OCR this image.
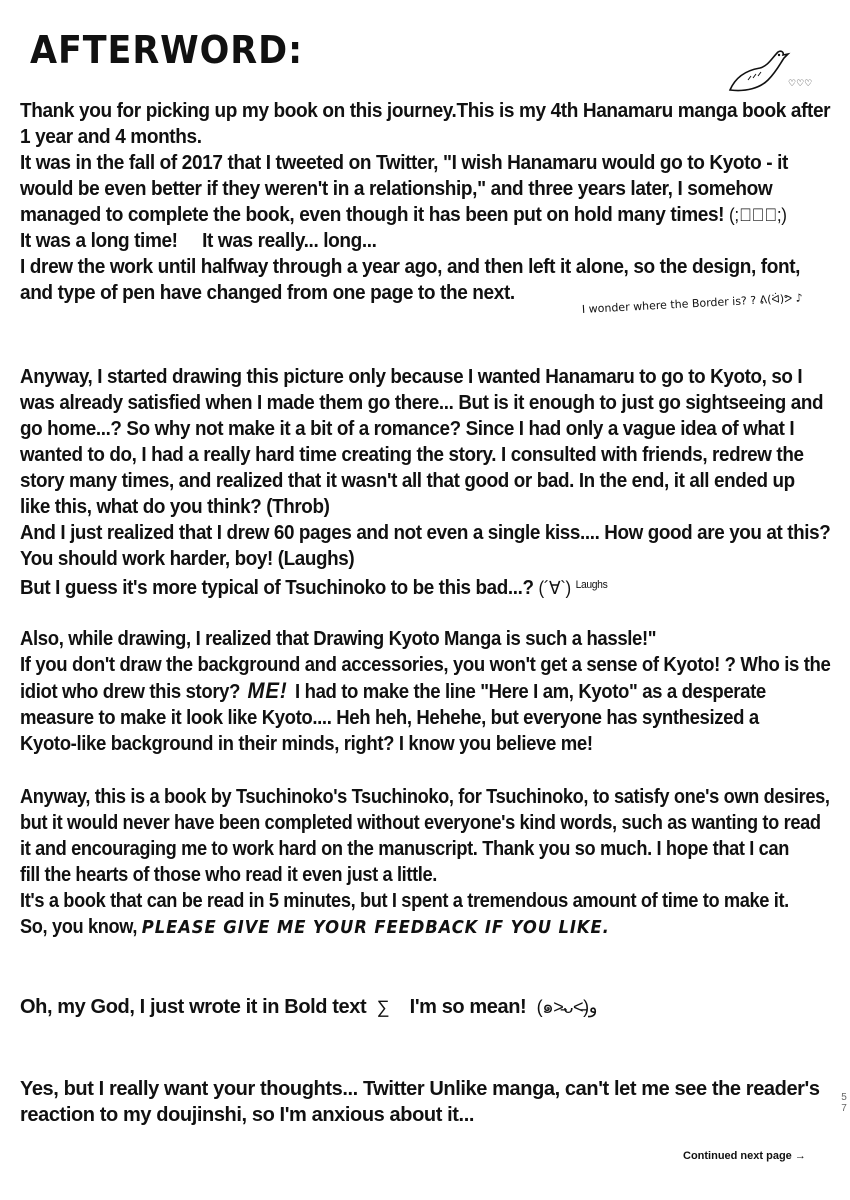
AFTERWORD:
♡♡♡
Thank you for picking up my book on this journey.This is my 4th Hanamaru manga book after
1 year and 4 months.
It was in the fall of 2017 that I tweeted on Twitter, "I wish Hanamaru would go to Kyoto - it
would be even better if they weren't in a relationship," and three years later, I somehow
managed to complete the book, even though it has been put on hold many times! (;゚∀゚;)
It was a long time!     It was really... long...
I drew the work until halfway through a year ago, and then left it alone, so the design, font,
and type of pen have changed from one page to the next.	I wonder where the Border is? ? ᕕ(ᐛ)ᕗ ♪
Anyway, I started drawing this picture only because I wanted Hanamaru to go to Kyoto, so I
was already satisfied when I made them go there... But is it enough to just go sightseeing and
go home...? So why not make it a bit of a romance? Since I had only a vague idea of what I
wanted to do, I had a really hard time creating the story. I consulted with friends, redrew the
story many times, and realized that it wasn't all that good or bad. In the end, it all ended up
like this, what do you think? (Throb)
And I just realized that I drew 60 pages and not even a single kiss.... How good are you at this?
You should work harder, boy! (Laughs)
But I guess it's more typical of Tsuchinoko to be this bad...? (´∀`) $^{Laughs}$
Also, while drawing, I realized that Drawing Kyoto Manga is such a hassle!"
If you don't draw the background and accessories, you won't get a sense of Kyoto! ? Who is the
idiot who drew this story? ME! I had to make the line "Here I am, Kyoto" as a desperate
measure to make it look like Kyoto.... Heh heh, Hehehe, but everyone has synthesized a
Kyoto-like background in their minds, right? I know you believe me!
Anyway, this is a book by Tsuchinoko's Tsuchinoko, for Tsuchinoko, to satisfy one's own desires,
but it would never have been completed without everyone's kind words, such as wanting to read
it and encouraging me to work hard on the manuscript. Thank you so much. I hope that I can
fill the hearts of those who read it even just a little.
It's a book that can be read in 5 minutes, but I spent a tremendous amount of time to make it.
So, you know, PLEASE GIVE ME YOUR FEEDBACK IF YOU LIKE.
Oh, my God, I just wrote it in Bold text ∑ I'm so mean! (๑˃̵ᴗ˂̵)و
Yes, but I really want your thoughts... Twitter Unlike manga, can't let me see the reader's
reaction to my doujinshi, so I'm anxious about it...
5
7
Continued next page →
